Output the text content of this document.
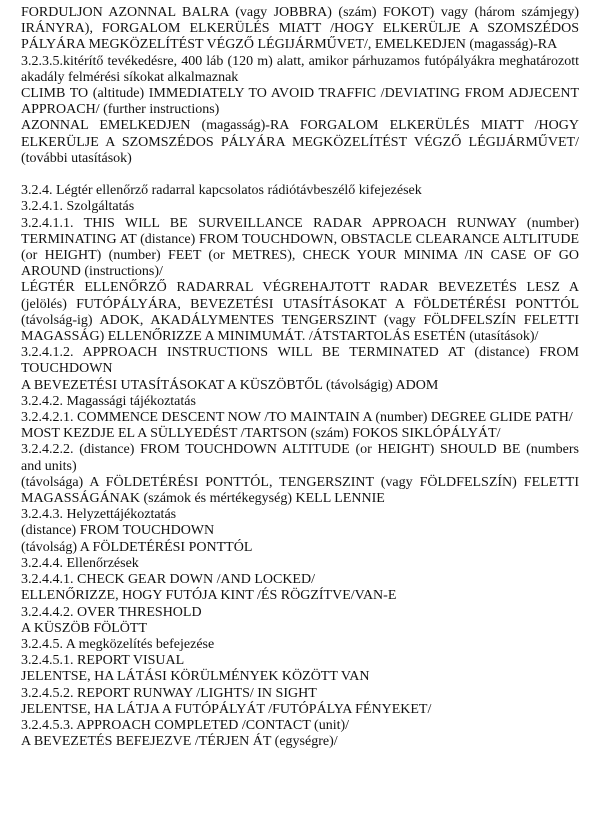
FORDULJON AZONNAL BALRA (vagy JOBBRA) (szám) FOKOT) vagy (három számjegy) IRÁNYRA), FORGALOM ELKERÜLÉS MIATT /HOGY ELKERÜLJE A SZOMSZÉDOS PÁLYÁRA MEGKÖZELÍTÉST VÉGZŐ LÉGIJÁRMŰVET/, EMELKEDJEN (magasság)-RA

3.2.3.5.kitérítő tevékedésre, 400 láb (120 m) alatt, amikor párhuzamos futópályákra meghatározott akadály felmérési síkokat alkalmaznak

CLIMB TO (altitude) IMMEDIATELY TO AVOID TRAFFIC /DEVIATING FROM ADJECENT APPROACH/ (further instructions)

AZONNAL EMELKEDJEN (magasság)-RA FORGALOM ELKERÜLÉS MIATT /HOGY ELKERÜLJE A SZOMSZÉDOS PÁLYÁRA MEGKÖZELÍTÉST VÉGZŐ LÉGIJÁRMŰVET/ (további utasítások)

3.2.4. Légtér ellenőrző radarral kapcsolatos rádiótávbeszélő kifejezések

3.2.4.1. Szolgáltatás

3.2.4.1.1. THIS WILL BE SURVEILLANCE RADAR APPROACH RUNWAY (number) TERMINATING AT (distance) FROM TOUCHDOWN, OBSTACLE CLEARANCE ALTLITUDE (or HEIGHT) (number) FEET (or METRES), CHECK YOUR MINIMA /IN CASE OF GO AROUND (instructions)/

LÉGTÉR ELLENŐRZŐ RADARRAL VÉGREHAJTOTT RADAR BEVEZETÉS LESZ A (jelölés) FUTÓPÁLYÁRA, BEVEZETÉSI UTASÍTÁSOKAT A FÖLDETÉRÉSI PONTTÓL (távolság-ig) ADOK, AKADÁLYMENTES TENGERSZINT (vagy FÖLDFELSZÍN FELETTI MAGASSÁG) ELLENŐRIZZE A MINIMUMÁT. /ÁTSTARTOLÁS ESETÉN (utasítások)/

3.2.4.1.2. APPROACH INSTRUCTIONS WILL BE TERMINATED AT (distance) FROM TOUCHDOWN

A BEVEZETÉSI UTASÍTÁSOKAT A KÜSZÖBTŐL (távolságig) ADOM

3.2.4.2. Magassági tájékoztatás

3.2.4.2.1. COMMENCE DESCENT NOW /TO MAINTAIN A (number) DEGREE GLIDE PATH/

MOST KEZDJE EL A SÜLLYEDÉST /TARTSON (szám) FOKOS SIKLÓPÁLYÁT/

3.2.4.2.2. (distance) FROM TOUCHDOWN ALTITUDE (or HEIGHT) SHOULD BE (numbers and units)

(távolsága) A FÖLDETÉRÉSI PONTTÓL, TENGERSZINT (vagy FÖLDFELSZÍN) FELETTI MAGASSÁGÁNAK (számok és mértékegység) KELL LENNIE

3.2.4.3. Helyzettájékoztatás

(distance) FROM TOUCHDOWN

(távolság) A FÖLDETÉRÉSI PONTTÓL

3.2.4.4. Ellenőrzések

3.2.4.4.1. CHECK GEAR DOWN /AND LOCKED/

ELLENŐRIZZE, HOGY FUTÓJA KINT /ÉS RÖGZÍTVE/VAN-E

3.2.4.4.2. OVER THRESHOLD

A KÜSZÖB FÖLÖTT

3.2.4.5. A megközelítés befejezése

3.2.4.5.1. REPORT VISUAL

JELENTSE, HA LÁTÁSI KÖRÜLMÉNYEK KÖZÖTT VAN

3.2.4.5.2. REPORT RUNWAY /LIGHTS/ IN SIGHT

JELENTSE, HA LÁTJA A FUTÓPÁLYÁT /FUTÓPÁLYA FÉNYEKET/

3.2.4.5.3. APPROACH COMPLETED /CONTACT (unit)/

A BEVEZETÉS BEFEJEZVE /TÉRJEN ÁT (egységre)/
